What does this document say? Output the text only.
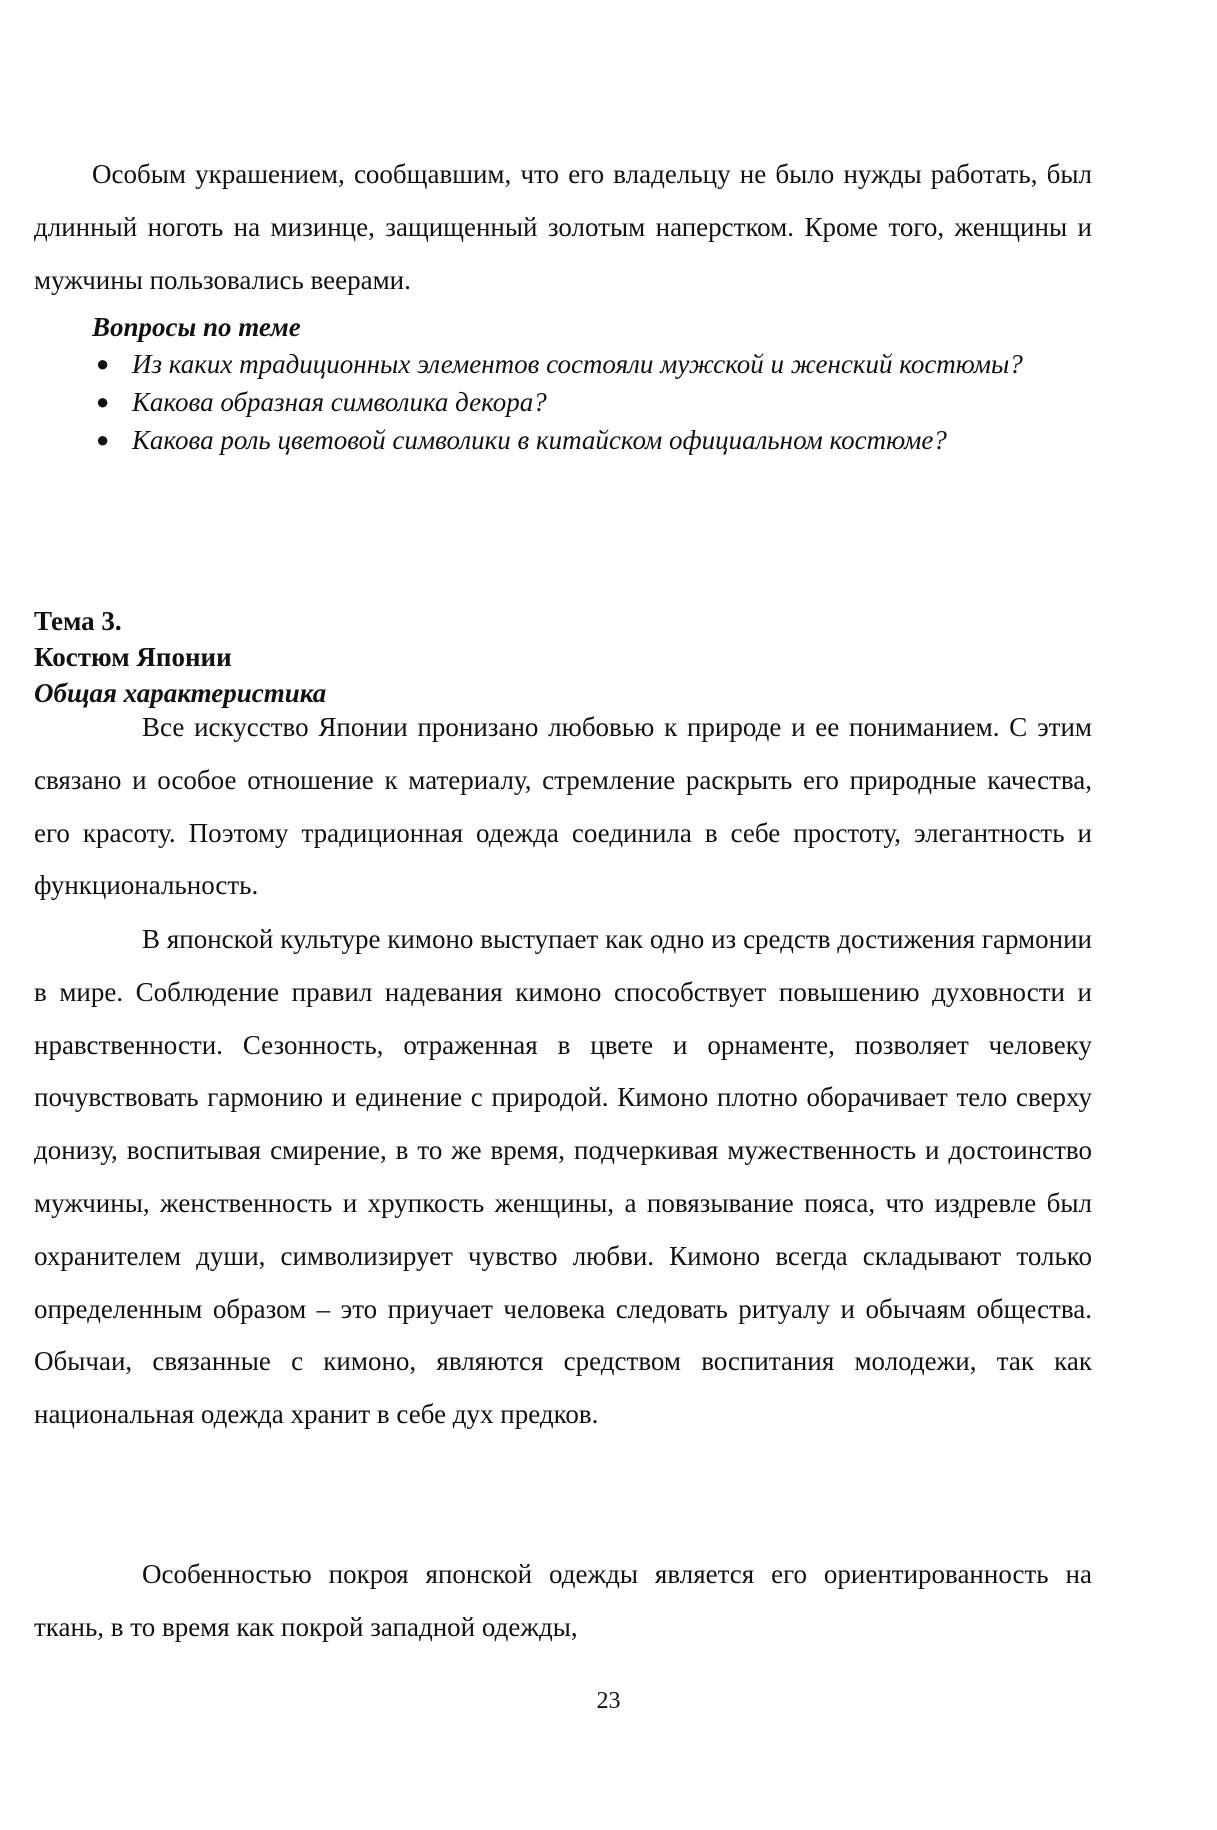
Особым украшением, сообщавшим, что его владельцу не было нужды работать, был длинный ноготь на мизинце, защищенный золотым наперстком. Кроме того, женщины и мужчины пользовались веерами.

Вопросы по теме
● Из каких традиционных элементов состояли мужской и женский костюмы?
● Какова образная символика декора?
● Какова роль цветовой символики в китайском официальном костюме?
Тема 3.
Костюм Японии
Общая характеристика

Все искусство Японии пронизано любовью к природе и ее пониманием. С этим связано и особое отношение к материалу, стремление раскрыть его природные качества, его красоту. Поэтому традиционная одежда соединила в себе простоту, элегантность и функциональность.

В японской культуре кимоно выступает как одно из средств достижения гармонии в мире. Соблюдение правил надевания кимоно способствует повышению духовности и нравственности. Сезонность, отраженная в цвете и орнаменте, позволяет человеку почувствовать гармонию и единение с природой. Кимоно плотно оборачивает тело сверху донизу, воспитывая смирение, в то же время, подчеркивая мужественность и достоинство мужчины, женственность и хрупкость женщины, а повязывание пояса, что издревле был охранителем души, символизирует чувство любви. Кимоно всегда складывают только определенным образом – это приучает человека следовать ритуалу и обычаям общества. Обычаи, связанные с кимоно, являются средством воспитания молодежи, так как национальная одежда хранит в себе дух предков.

Особенностью покроя японской одежды является его ориентированность на ткань, в то время как покрой западной одежды,

23
